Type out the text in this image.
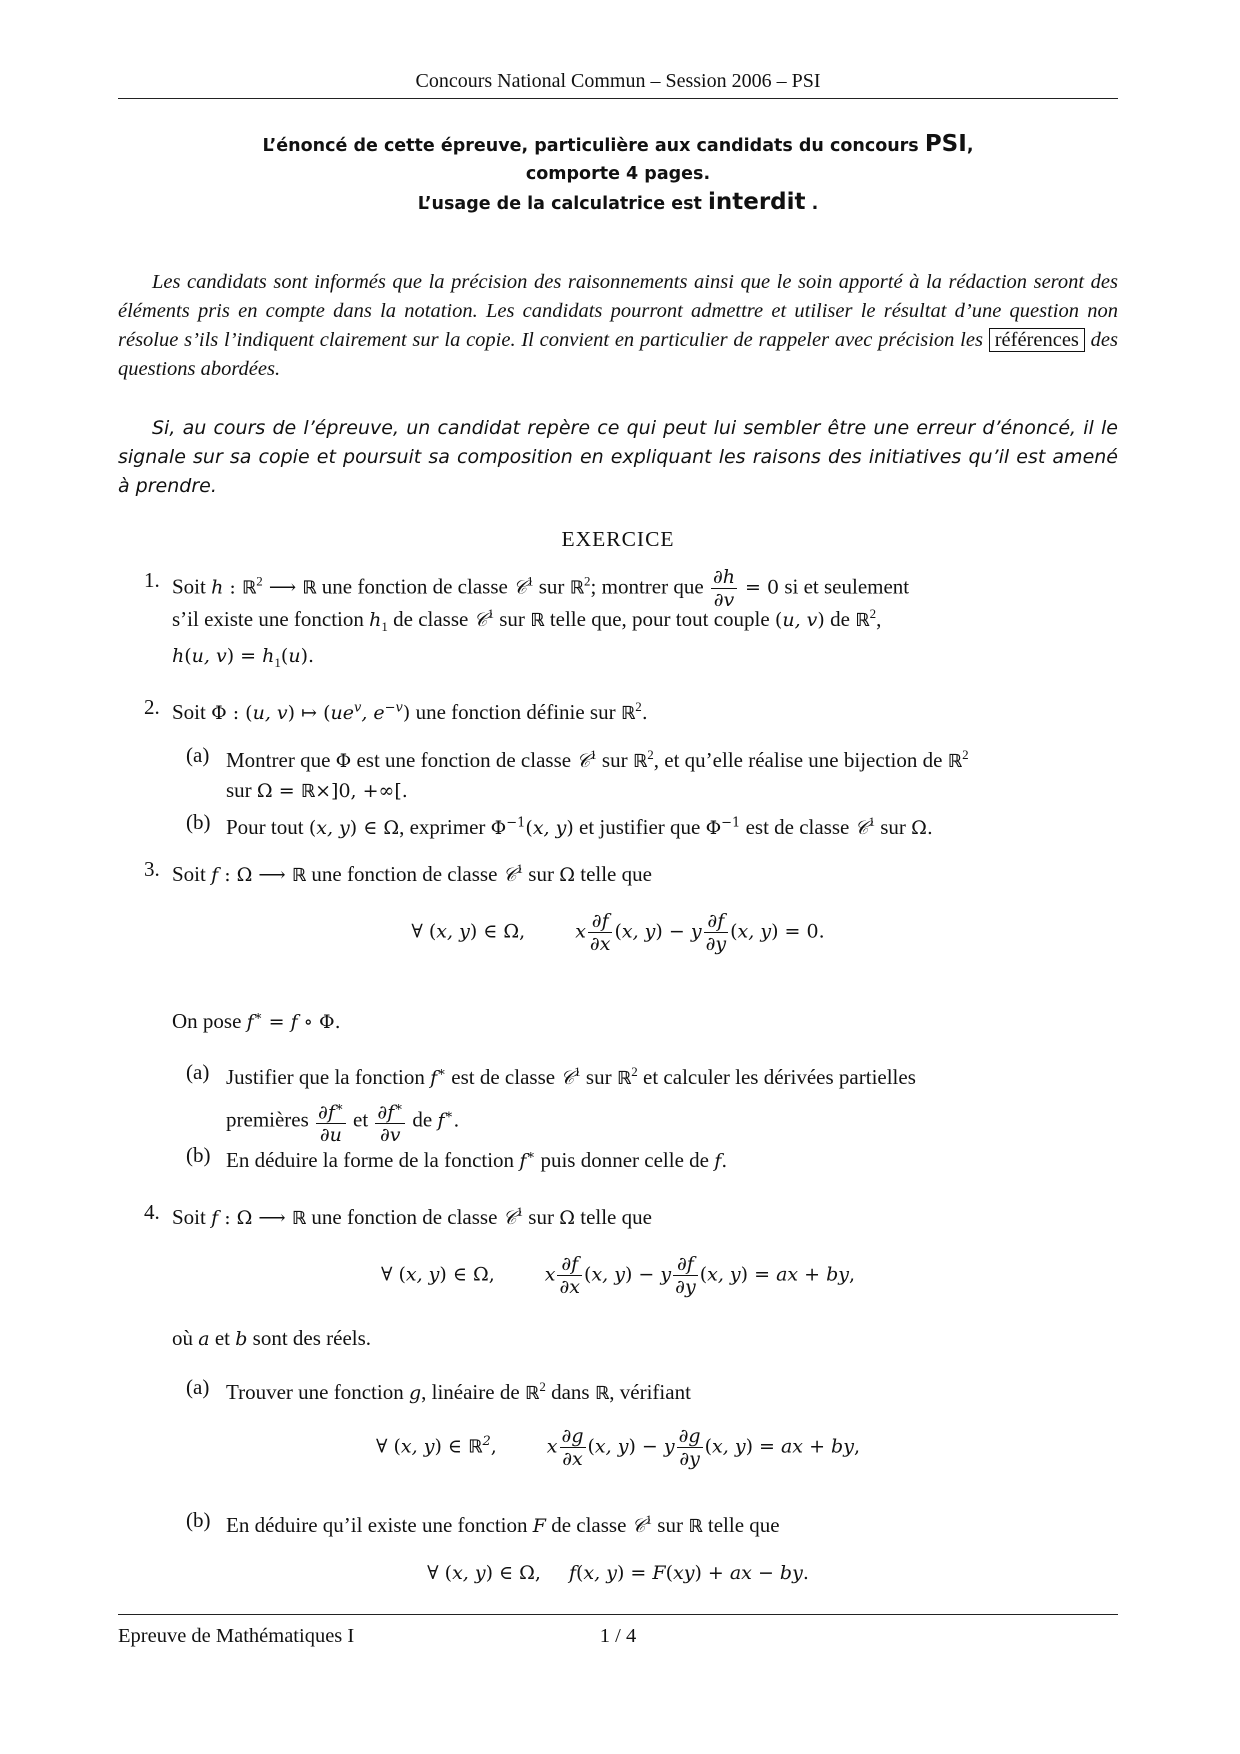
Concours National Commun – Session 2006 – PSI
L’énoncé de cette épreuve, particulière aux candidats du concours PSI,
comporte 4 pages.
L’usage de la calculatrice est interdit .
Les candidats sont informés que la précision des raisonnements ainsi que le soin apporté à la rédaction seront des éléments pris en compte dans la notation. Les candidats pourront admettre et utiliser le résultat d’une question non résolue s’ils l’indiquent clairement sur la copie. Il convient en particulier de rappeler avec précision les références des questions abordées.
Si, au cours de l’épreuve, un candidat repère ce qui peut lui sembler être une erreur d’énoncé, il le signale sur sa copie et poursuit sa composition en expliquant les raisons des initiatives qu’il est amené à prendre.
EXERCICE
1. Soit h : ℝ$^2$ ⟶ ℝ une fonction de classe 𝒞$^1$ sur ℝ$^2$; montrer que $\frac{\partial h}{\partial v} = 0$ si et seulement
s’il existe une fonction $h_1$ de classe 𝒞$^1$ sur ℝ telle que, pour tout couple (u, v) de ℝ$^2$,
h(u, $v) = h_1(u)$.
2. Soit Φ : (u, v) ↦ ($ue^v$, $e^{-v}$) une fonction définie sur ℝ$^2$.
(a) Montrer que Φ est une fonction de classe 𝒞$^1$ sur ℝ$^2$, et qu’elle réalise une bijection de ℝ$^2$
sur Ω = ℝ×]0, +∞[.
(b) Pour tout (x, y) ∈ Ω, exprimer $\Phi^{-1}(x$, y) et justifier que $\Phi^{-1}$ est de classe 𝒞$^1$ sur Ω.
3. Soit f : Ω ⟶ ℝ une fonction de classe 𝒞$^1$ sur Ω telle que
∀ (x, y) ∈ Ω,	x $\frac{\partial f}{\partial x} (x$, y) − y $\frac{\partial f}{\partial y} (x$, y) = 0.
On pose f∗ = f ∘ Φ.
(a) Justifier que la fonction f∗ est de classe 𝒞$^1$ sur ℝ$^2$ et calculer les dérivées partielles
premières $\frac{\partial f^∗}{\partial u}$ et $\frac{\partial f^∗}{\partial v}$ de f∗.
(b) En déduire la forme de la fonction f∗ puis donner celle de f.
4. Soit f : Ω ⟶ ℝ une fonction de classe 𝒞$^1$ sur Ω telle que
∀ (x, y) ∈ Ω,	x $\frac{\partial f}{\partial x} (x$, y) − y $\frac{\partial f}{\partial y} (x$, y) = ax + by,
où a et b sont des réels.
(a) Trouver une fonction g, linéaire de ℝ$^2$ dans ℝ, vérifiant
∀ (x, y) ∈ ℝ$^2$,	x $\frac{\partial g}{\partial x} (x$, y) − y $\frac{\partial g}{\partial y} (x$, y) = ax + by,
(b) En déduire qu’il existe une fonction F de classe 𝒞$^1$ sur ℝ telle que
∀ (x, y) ∈ Ω, f(x, y) = F(xy) + ax − by.
Epreuve de Mathématiques I	1 / 4
